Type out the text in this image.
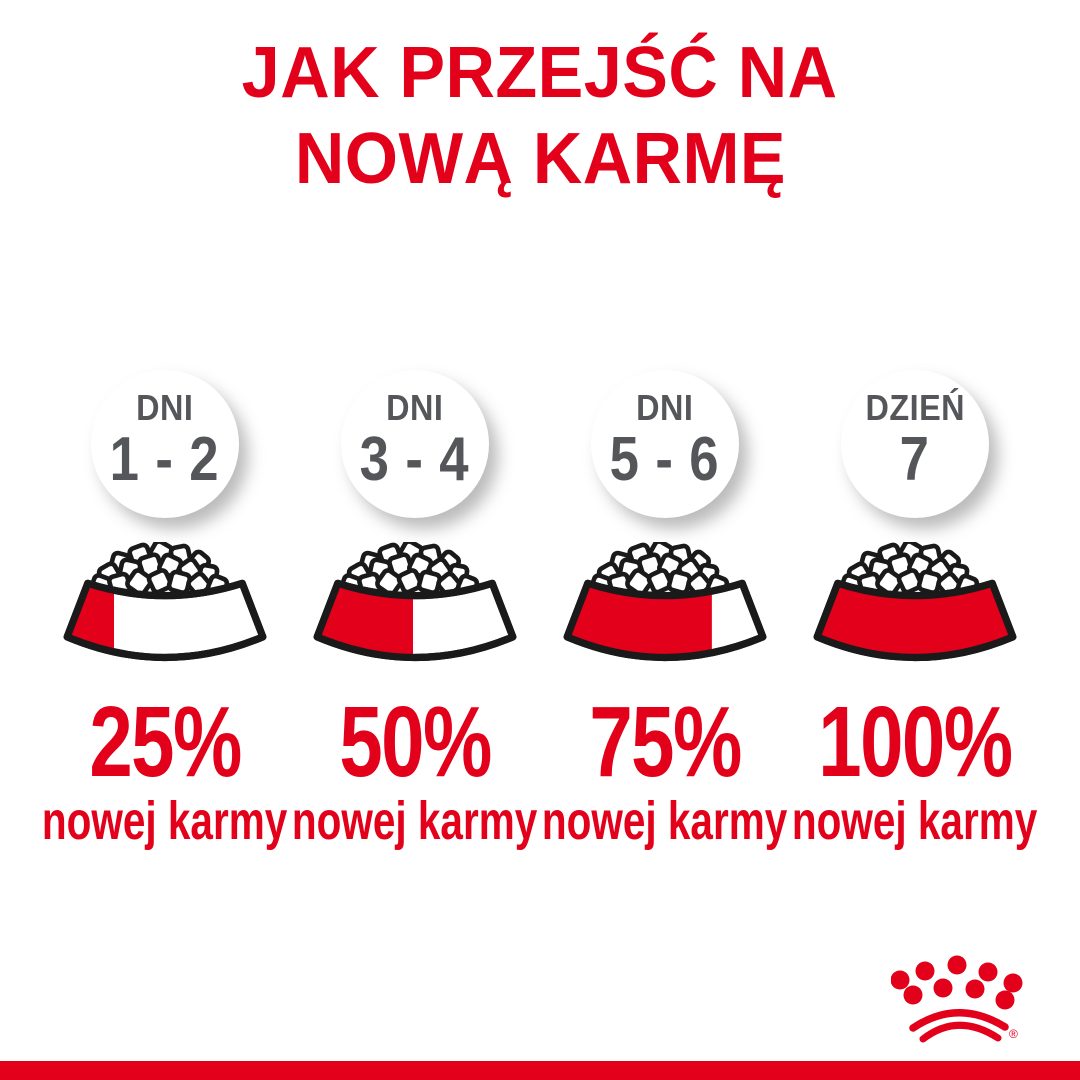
JAK PRZEJŚĆ NA
NOWĄ KARMĘ
DNI
1 - 2
25%
nowej karmy
DNI
3 - 4
50%
nowej karmy
DNI
5 - 6
75%
nowej karmy
DZIEŃ
7
100%
nowej karmy
®
